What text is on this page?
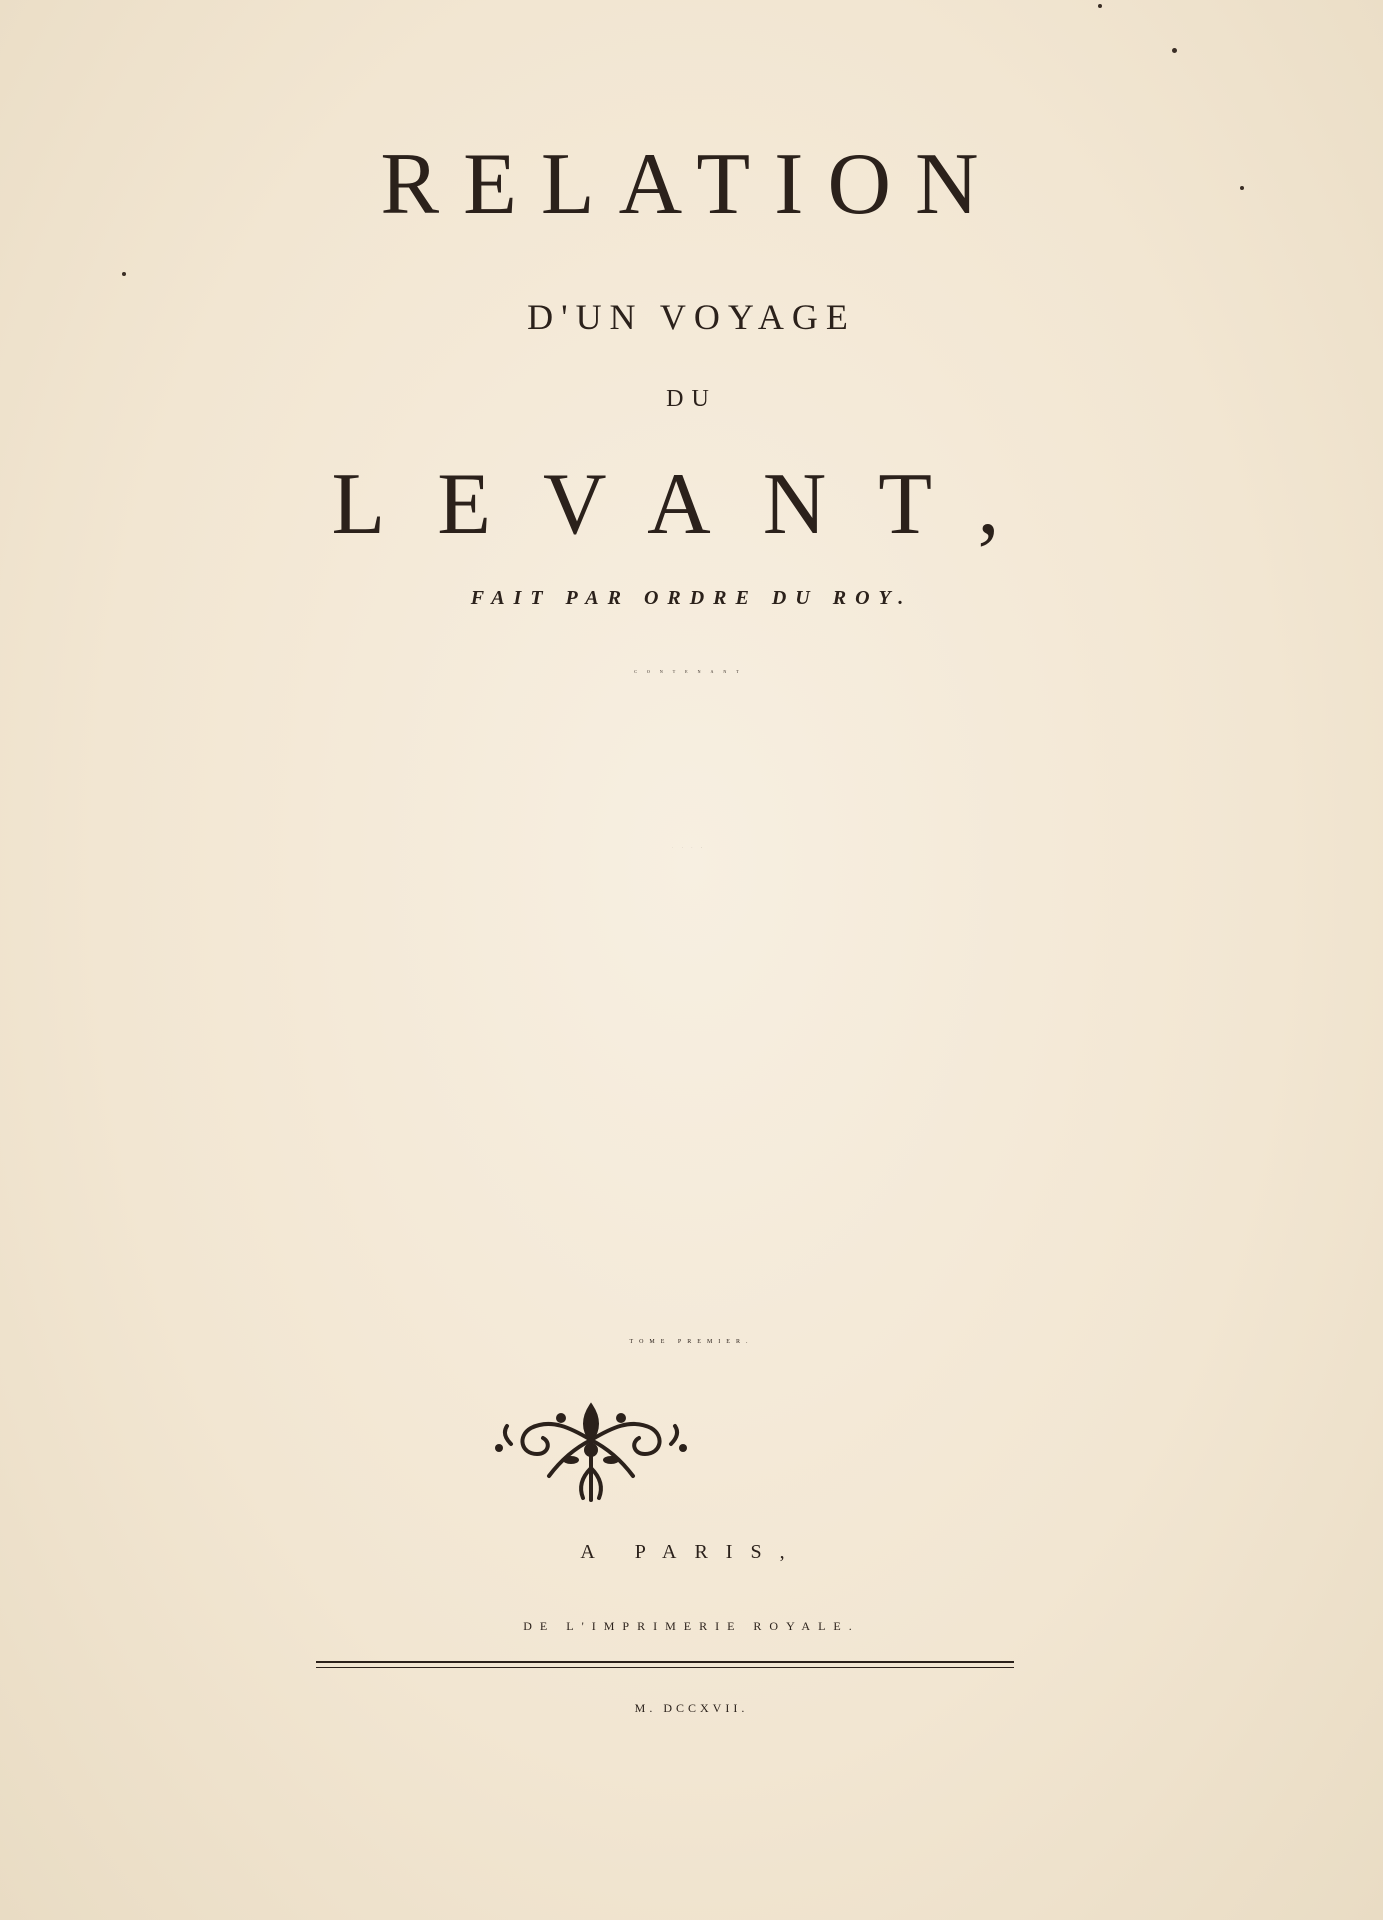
RELATION

D'UN VOYAGE

DU

LEVANT,

FAIT PAR ORDRE DU ROY.

CONTENANT

AVEC

TOME PREMIER.

A PARIS,

DE L'IMPRIMERIE ROYALE.

M. DCCXVII.
